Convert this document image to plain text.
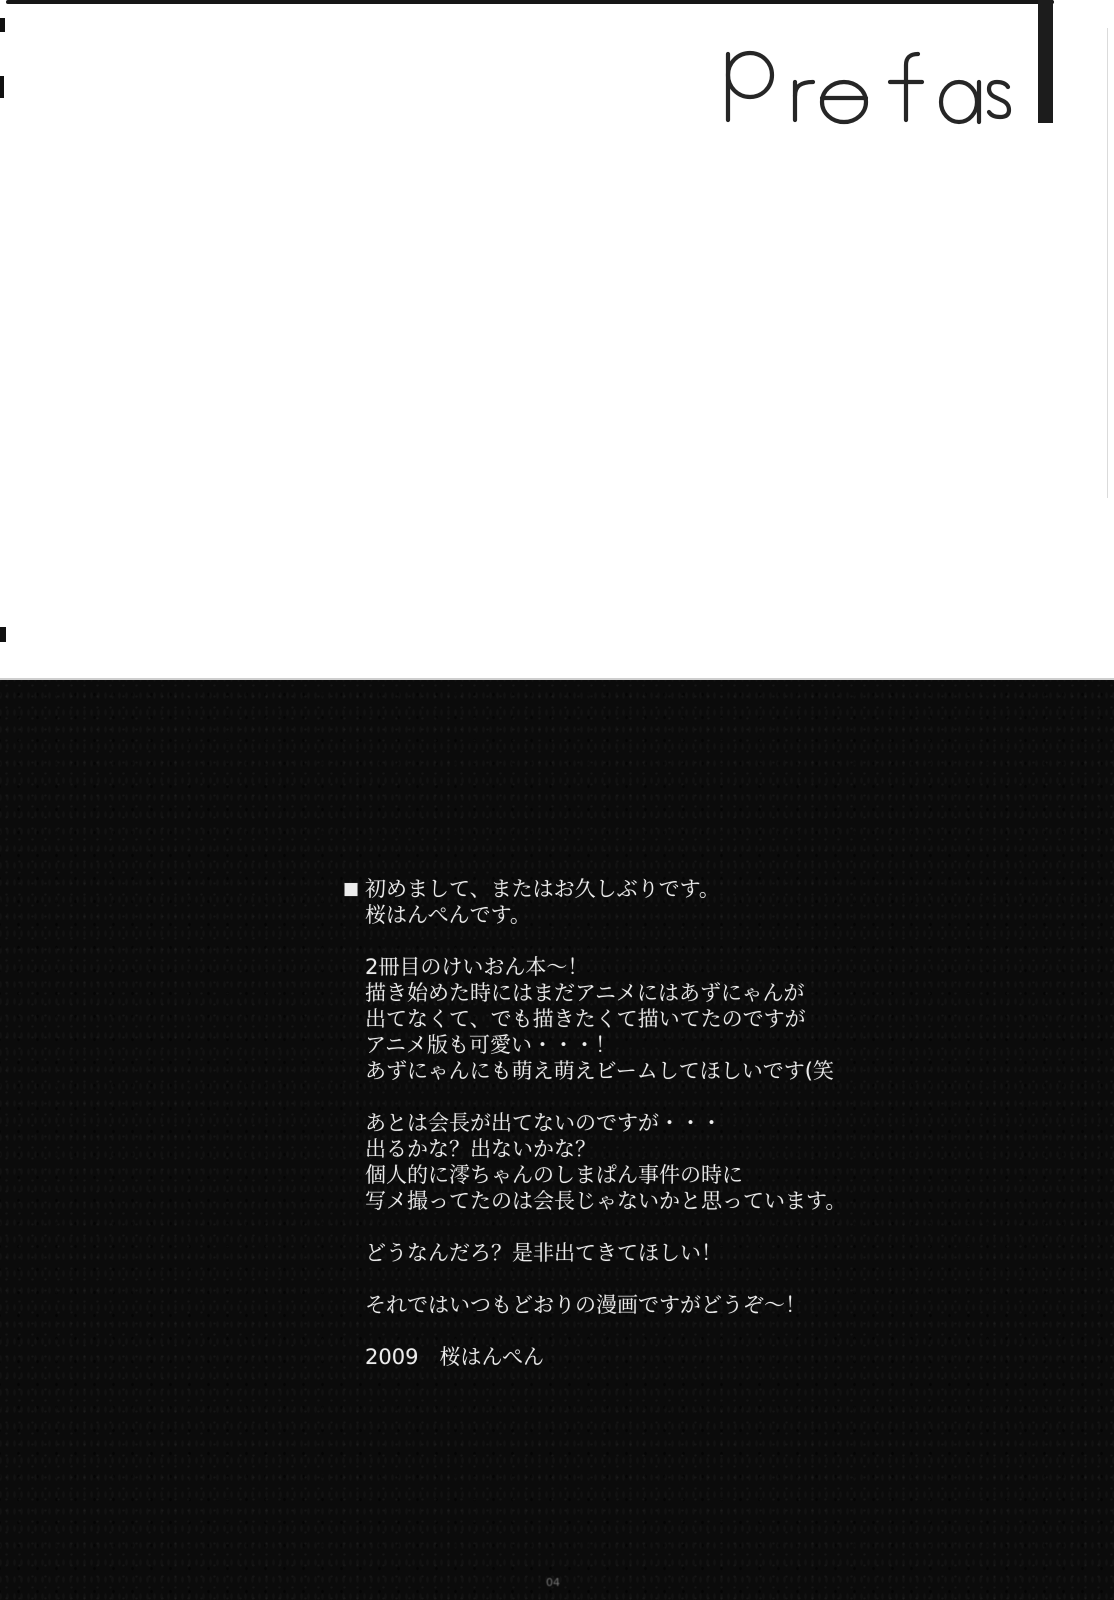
■ 初めまして、またはお久しぶりです。
桜はんぺんです。
2冊目のけいおん本〜！
描き始めた時にはまだアニメにはあずにゃんが
出てなくて、でも描きたくて描いてたのですが
アニメ版も可愛い・・・！
あずにゃんにも萌え萌えビームしてほしいです(笑
あとは会長が出てないのですが・・・
出るかな？出ないかな？
個人的に澪ちゃんのしまぱん事件の時に
写メ撮ってたのは会長じゃないかと思っています。
どうなんだろ？是非出てきてほしい！
それではいつもどおりの漫画ですがどうぞ〜！
2009　桜はんぺん
04
